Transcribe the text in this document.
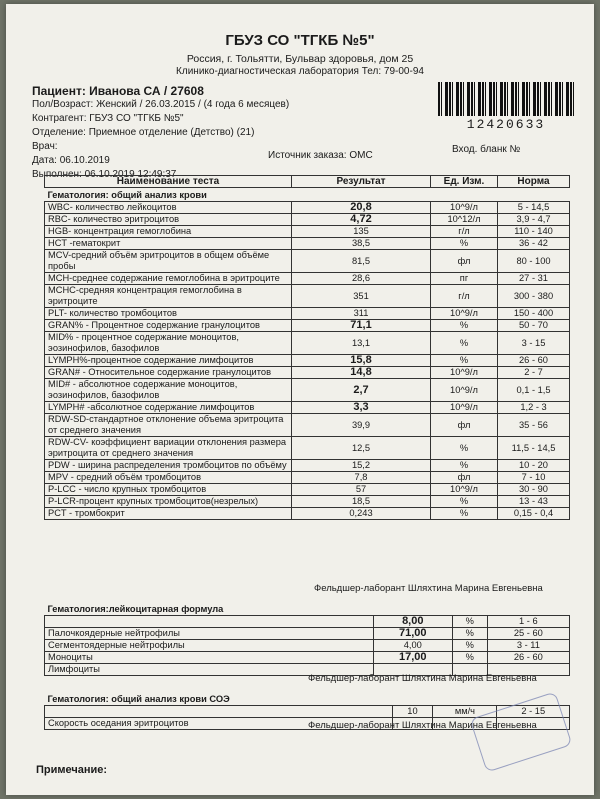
ГБУЗ СО "ТГКБ №5"
Россия, г. Тольятти, Бульвар здоровья, дом 25
Клинико-диагностическая лаборатория Тел: 79-00-94
Пациент: Иванова СА / 27608
Пол/Возраст: Женский / 26.03.2015 / (4 года 6 месяцев)
Контрагент: ГБУЗ СО "ТГКБ №5"
Отделение: Приемное отделение (Детство) (21)
Врач:
Дата: 06.10.2019
Выполнен: 06.10.2019 12:49:37
12420633
Источник заказа: ОМС
Вход. бланк №
Наименование теста	Результат	Ед. Изм.	Норма
Гематология: общий анализ крови			
WBC- количество лейкоцитов	20,8	10^9/л	5 - 14,5
RBC- количество эритроцитов	4,72	10^12/л	3,9 - 4,7
HGB- концентрация гемоглобина	135	г/л	110 - 140
HCT -гематокрит	38,5	%	36 - 42
MCV-средний объём эритроцитов в общем объёме пробы	81,5	фл	80 - 100
MCH-среднее содержание гемоглобина в эритроците	28,6	пг	27 - 31
MCHC-средняя концентрация гемоглобина в эритроците	351	г/л	300 - 380
PLT- количество тромбоцитов	311	10^9/л	150 - 400
GRAN% - Процентное содержание гранулоцитов	71,1	%	50 - 70
MID% - процентное содержание моноцитов, эозинофилов, базофилов	13,1	%	3 - 15
LYMPH%-процентное содержание лимфоцитов	15,8	%	26 - 60
GRAN# - Относительное содержание гранулоцитов	14,8	10^9/л	2 - 7
MID# - абсолютное содержание моноцитов, эозинофилов, базофилов	2,7	10^9/л	0,1 - 1,5
LYMPH# -абсолютное содержание лимфоцитов	3,3	10^9/л	1,2 - 3
RDW-SD-стандартное отклонение объема эритроцита от среднего значения	39,9	фл	35 - 56
RDW-CV- коэффициент вариации отклонения размера эритроцита от среднего значения	12,5	%	11,5 - 14,5
PDW - ширина распределения тромбоцитов по объёму	15,2	%	10 - 20
MPV - средний объём тромбоцитов	7,8	фл	7 - 10
P-LCC - число крупных тромбоцитов	57	10^9/л	30 - 90
P-LCR-процент крупных тромбоцитов(незрелых)	18,5	%	13 - 43
PCT - тромбокрит	0,243	%	0,15 - 0,4
Фельдшер-лаборант Шляхтина Марина Евгеньевна
Гематология:лейкоцитарная формула			
	8,00	%	1 - 6
Палочкоядерные нейтрофилы	71,00	%	25 - 60
Сегментоядерные нейтрофилы	4,00	%	3 - 11
Моноциты	17,00	%	26 - 60
Лимфоциты			
Фельдшер-лаборант Шляхтина Марина Евгеньевна
Гематология: общий анализ крови СОЭ			
	10	мм/ч	2 - 15
Скорость оседания эритроцитов				Фельдшер-лаборант Шляхтина Марина Евгеньевна
Примечание:
